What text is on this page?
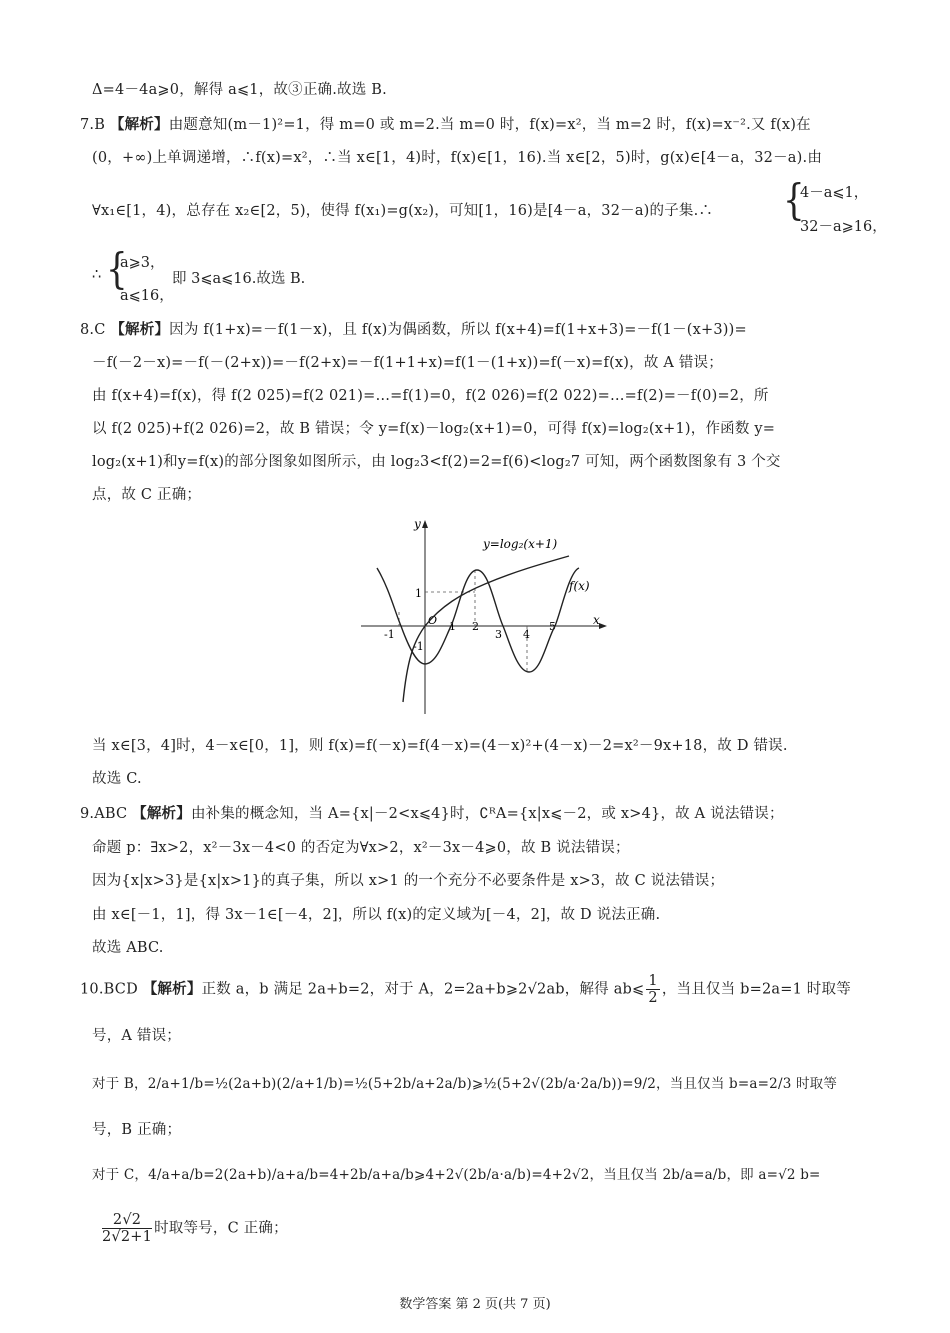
Δ=4－4a⩾0，解得 a⩽1，故③正确.故选 B.
7.B 【解析】由题意知(m－1)²=1，得 m=0 或 m=2.当 m=0 时，f(x)=x²，当 m=2 时，f(x)=x⁻².又 f(x)在
(0，+∞)上单调递增，∴f(x)=x²，∴当 x∈[1，4)时，f(x)∈[1，16).当 x∈[2，5)时，g(x)∈[4－a，32－a).由
∀x₁∈[1，4)，总存在 x₂∈[2，5)，使得 f(x₁)=g(x₂)，可知[1，16)是[4－a，32－a)的子集.∴ {
4－a⩽1，
32－a⩾16，
∴ {
a⩾3，
a⩽16，
即 3⩽a⩽16.故选 B.
8.C 【解析】因为 f(1+x)=－f(1－x)，且 f(x)为偶函数，所以 f(x+4)=f(1+x+3)=－f(1－(x+3))=
－f(－2－x)=－f(－(2+x))=－f(2+x)=－f(1+1+x)=f(1－(1+x))=f(－x)=f(x)，故 A 错误；
由 f(x+4)=f(x)，得 f(2 025)=f(2 021)=…=f(1)=0，f(2 026)=f(2 022)=…=f(2)=－f(0)=2，所
以 f(2 025)+f(2 026)=2，故 B 错误；令 y=f(x)－log₂(x+1)=0，可得 f(x)=log₂(x+1)，作函数 y=
log₂(x+1)和y=f(x)的部分图象如图所示，由 log₂3<f(2)=2=f(6)<log₂7 可知，两个函数图象有 3 个交
点，故 C 正确；
y
x
O
-1
1 2
3 4
5
1
-1
y=log₂(x+1)
f(x)
当 x∈[3，4]时，4－x∈[0，1]，则 f(x)=f(－x)=f(4－x)=(4－x)²+(4－x)－2=x²－9x+18，故 D 错误.
故选 C.
9.ABC 【解析】由补集的概念知，当 A={x|－2<x⩽4}时，∁ᴿA={x|x⩽－2，或 x>4}，故 A 说法错误；
命题 p：∃x>2，x²－3x－4<0 的否定为∀x>2，x²－3x－4⩾0，故 B 说法错误；
因为{x|x>3}是{x|x>1}的真子集，所以 x>1 的一个充分不必要条件是 x>3，故 C 说法错误；
由 x∈[－1，1]，得 3x－1∈[－4，2]，所以 f(x)的定义域为[－4，2]，故 D 说法正确.
故选 ABC.
10.BCD 【解析】正数 a，b 满足 2a+b=2，对于 A，2=2a+b⩾2√2ab，解得 ab⩽ $\frac{1}{2}$ ，当且仅当 b=2a=1 时取等
号，A 错误；
对于 B，2/a+1/b=½(2a+b)(2/a+1/b)=½(5+2b/a+2a/b)⩾½(5+2√(2b/a·2a/b))=9/2，当且仅当 b=a=2/3 时取等
号，B 正确；
对于 C，4/a+a/b=2(2a+b)/a+a/b=4+2b/a+a/b⩾4+2√(2b/a·a/b)=4+2√2，当且仅当 2b/a=a/b，即 a=√2 b=
$\frac{2√2}{2√2+1}$ 时取等号，C 正确；
数学答案 第 2 页(共 7 页)
